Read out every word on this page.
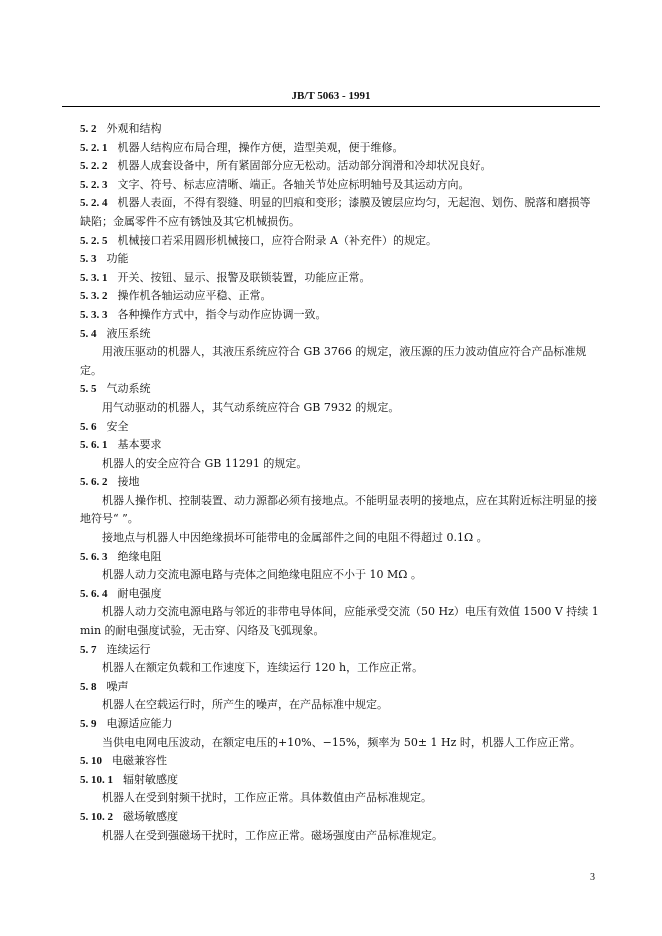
JB/T 5063 - 1991
5. 2 外观和结构
5. 2. 1 机器人结构应布局合理，操作方便，造型美观，便于维修。
5. 2. 2 机器人成套设备中，所有紧固部分应无松动。活动部分润滑和冷却状况良好。
5. 2. 3 文字、符号、标志应清晰、端正。各轴关节处应标明轴号及其运动方向。
5. 2. 4 机器人表面，不得有裂缝、明显的凹痕和变形；漆膜及镀层应均匀，无起泡、划伤、脱落和磨损等缺陷；金属零件不应有锈蚀及其它机械损伤。
5. 2. 5 机械接口若采用圆形机械接口，应符合附录 A（补充件）的规定。
5. 3 功能
5. 3. 1 开关、按钮、显示、报警及联锁装置，功能应正常。
5. 3. 2 操作机各轴运动应平稳、正常。
5. 3. 3 各种操作方式中，指令与动作应协调一致。
5. 4 液压系统
用液压驱动的机器人，其液压系统应符合 GB 3766 的规定，液压源的压力波动值应符合产品标准规定。
5. 5 气动系统
用气动驱动的机器人，其气动系统应符合 GB 7932 的规定。
5. 6 安全
5. 6. 1 基本要求
机器人的安全应符合 GB 11291 的规定。
5. 6. 2 接地
机器人操作机、控制装置、动力源都必须有接地点。不能明显表明的接地点，应在其附近标注明显的接地符号“ ”。
接地点与机器人中因绝缘损坏可能带电的金属部件之间的电阻不得超过 0.1Ω 。
5. 6. 3 绝缘电阻
机器人动力交流电源电路与壳体之间绝缘电阻应不小于 10 MΩ 。
5. 6. 4 耐电强度
机器人动力交流电源电路与邻近的非带电导体间，应能承受交流（50 Hz）电压有效值 1500 V 持续 1 min 的耐电强度试验，无击穿、闪络及飞弧现象。
5. 7 连续运行
机器人在额定负载和工作速度下，连续运行 120 h，工作应正常。
5. 8 噪声
机器人在空载运行时，所产生的噪声，在产品标准中规定。
5. 9 电源适应能力
当供电电网电压波动，在额定电压的+10%、−15%，频率为 50± 1 Hz 时，机器人工作应正常。
5. 10 电磁兼容性
5. 10. 1 辐射敏感度
机器人在受到射频干扰时，工作应正常。具体数值由产品标准规定。
5. 10. 2 磁场敏感度
机器人在受到强磁场干扰时，工作应正常。磁场强度由产品标准规定。
3
